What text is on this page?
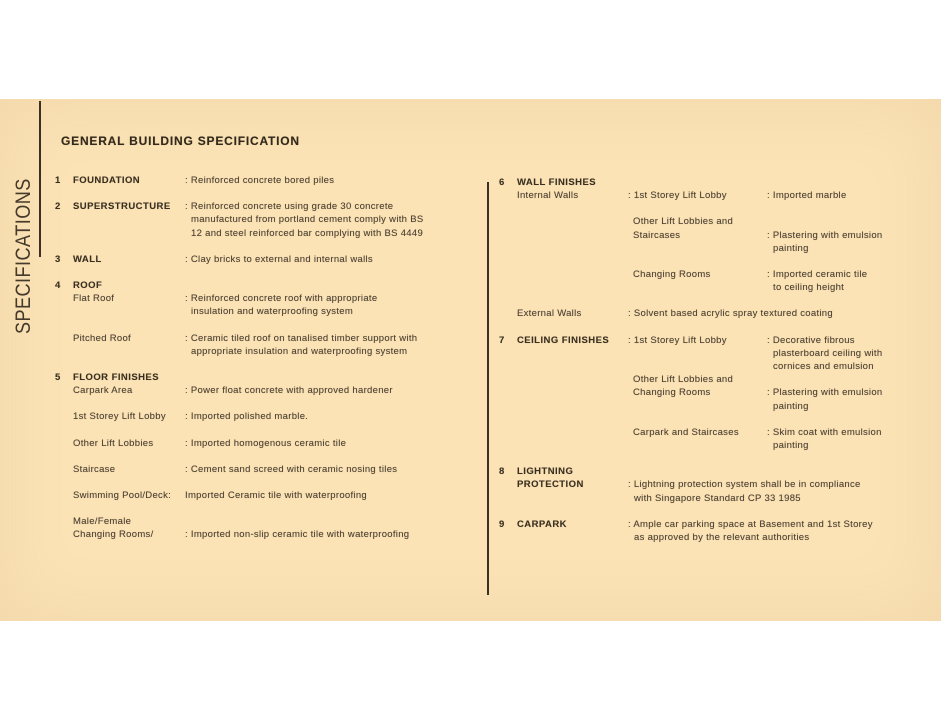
SPECIFICATIONS
GENERAL BUILDING SPECIFICATION
1	FOUNDATION	: Reinforced concrete bored piles
2	SUPERSTRUCTURE	: Reinforced concrete using grade 30 concrete
manufactured from portland cement comply with BS
12 and steel reinforced bar complying with BS 4449
3	WALL	: Clay bricks to external and internal walls
4	ROOF
Flat Roof	: Reinforced concrete roof with appropriate
insulation and waterproofing system
Pitched Roof	: Ceramic tiled roof on tanalised timber support with
appropriate insulation and waterproofing system
5	FLOOR FINISHES
Carpark Area	: Power float concrete with approved hardener
1st Storey Lift Lobby	: Imported polished marble.
Other Lift Lobbies	: Imported homogenous ceramic tile
Staircase	: Cement sand screed with ceramic nosing tiles
Swimming Pool/Deck:	Imported Ceramic tile with waterproofing
Male/Female
Changing Rooms/	: Imported non-slip ceramic tile with waterproofing
6	WALL FINISHES
Internal Walls	: 1st Storey Lift Lobby	: Imported marble
Other Lift Lobbies and
Staircases	: Plastering with emulsion
painting
Changing Rooms	: Imported ceramic tile
to ceiling height
External Walls	: Solvent based acrylic spray textured coating
7	CEILING FINISHES	: 1st Storey Lift Lobby	: Decorative fibrous
plasterboard ceiling with
cornices and emulsion
Other Lift Lobbies and
Changing Rooms	: Plastering with emulsion
painting
Carpark and Staircases	: Skim coat with emulsion
painting
8	LIGHTNING
PROTECTION	: Lightning protection system shall be in compliance
with Singapore Standard CP 33 1985
9	CARPARK	: Ample car parking space at Basement and 1st Storey
as approved by the relevant authorities
